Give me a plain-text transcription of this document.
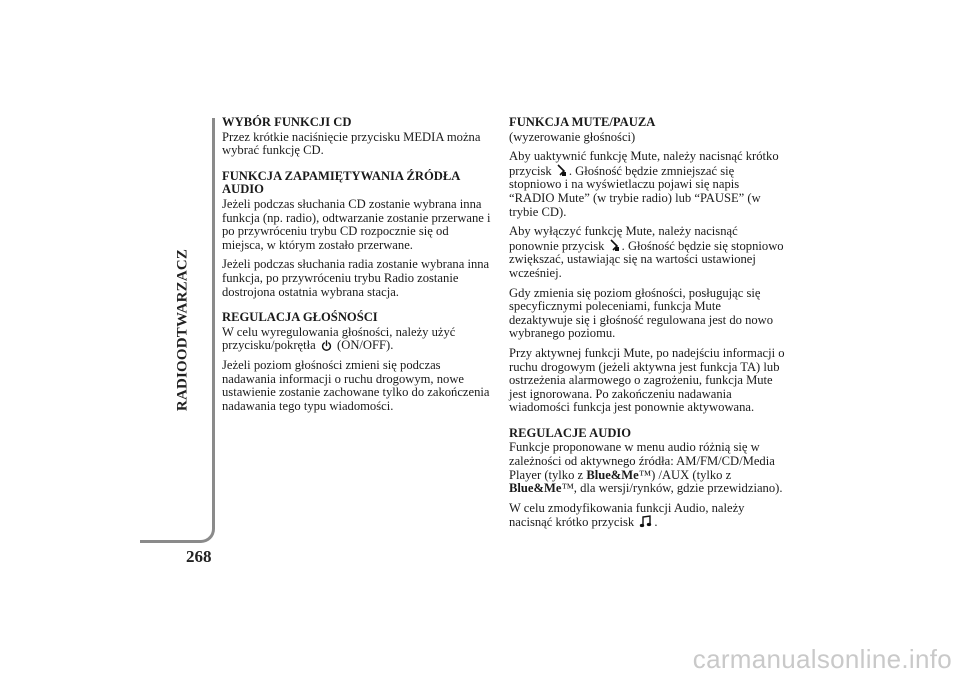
RADIOODTWARZACZ
268
WYBÓR FUNKCJI CD

Przez krótkie naciśnięcie przycisku MEDIA można wybrać funkcję CD.

FUNKCJA ZAPAMIĘTYWANIA ŹRÓDŁA AUDIO

Jeżeli podczas słuchania CD zostanie wybrana inna funkcja (np. radio), odtwarzanie zostanie przerwane i po przywróceniu trybu CD rozpocznie się od miejsca, w którym zostało przerwane.

Jeżeli podczas słuchania radia zostanie wybrana inna funkcja, po przywróceniu trybu Radio zostanie dostrojona ostatnia wybrana stacja.

REGULACJA GŁOŚNOŚCI

W celu wyregulowania głośności, należy użyć przycisku/pokrętła (ON/OFF).

Jeżeli poziom głośności zmieni się podczas nadawania informacji o ruchu drogowym, nowe ustawienie zostanie zachowane tylko do zakończenia nadawania tego typu wiadomości.

FUNKCJA MUTE/PAUZA

(wyzerowanie głośności)

Aby uaktywnić funkcję Mute, należy nacisnąć krótko przycisk . Głośność będzie zmniejszać się stopniowo i na wyświetlaczu pojawi się napis “RADIO Mute” (w trybie radio) lub “PAUSE” (w trybie CD).

Aby wyłączyć funkcję Mute, należy nacisnąć ponownie przycisk . Głośność będzie się stopniowo zwiększać, ustawiając się na wartości ustawionej wcześniej.

Gdy zmienia się poziom głośności, posługując się specyficznymi poleceniami, funkcja Mute dezaktywuje się i głośność regulowana jest do nowo wybranego poziomu.

Przy aktywnej funkcji Mute, po nadejściu informacji o ruchu drogowym (jeżeli aktywna jest funkcja TA) lub ostrzeżenia alarmowego o zagrożeniu, funkcja Mute jest ignorowana. Po zakończeniu nadawania wiadomości funkcja jest ponownie aktywowana.

REGULACJE AUDIO

Funkcje proponowane w menu audio różnią się w zależności od aktywnego źródła: AM/FM/CD/Media Player (tylko z Blue&Me™) /AUX (tylko z Blue&Me™, dla wersji/rynków, gdzie przewidziano).

W celu zmodyfikowania funkcji Audio, należy nacisnąć krótko przycisk .

carmanualsonline.info
